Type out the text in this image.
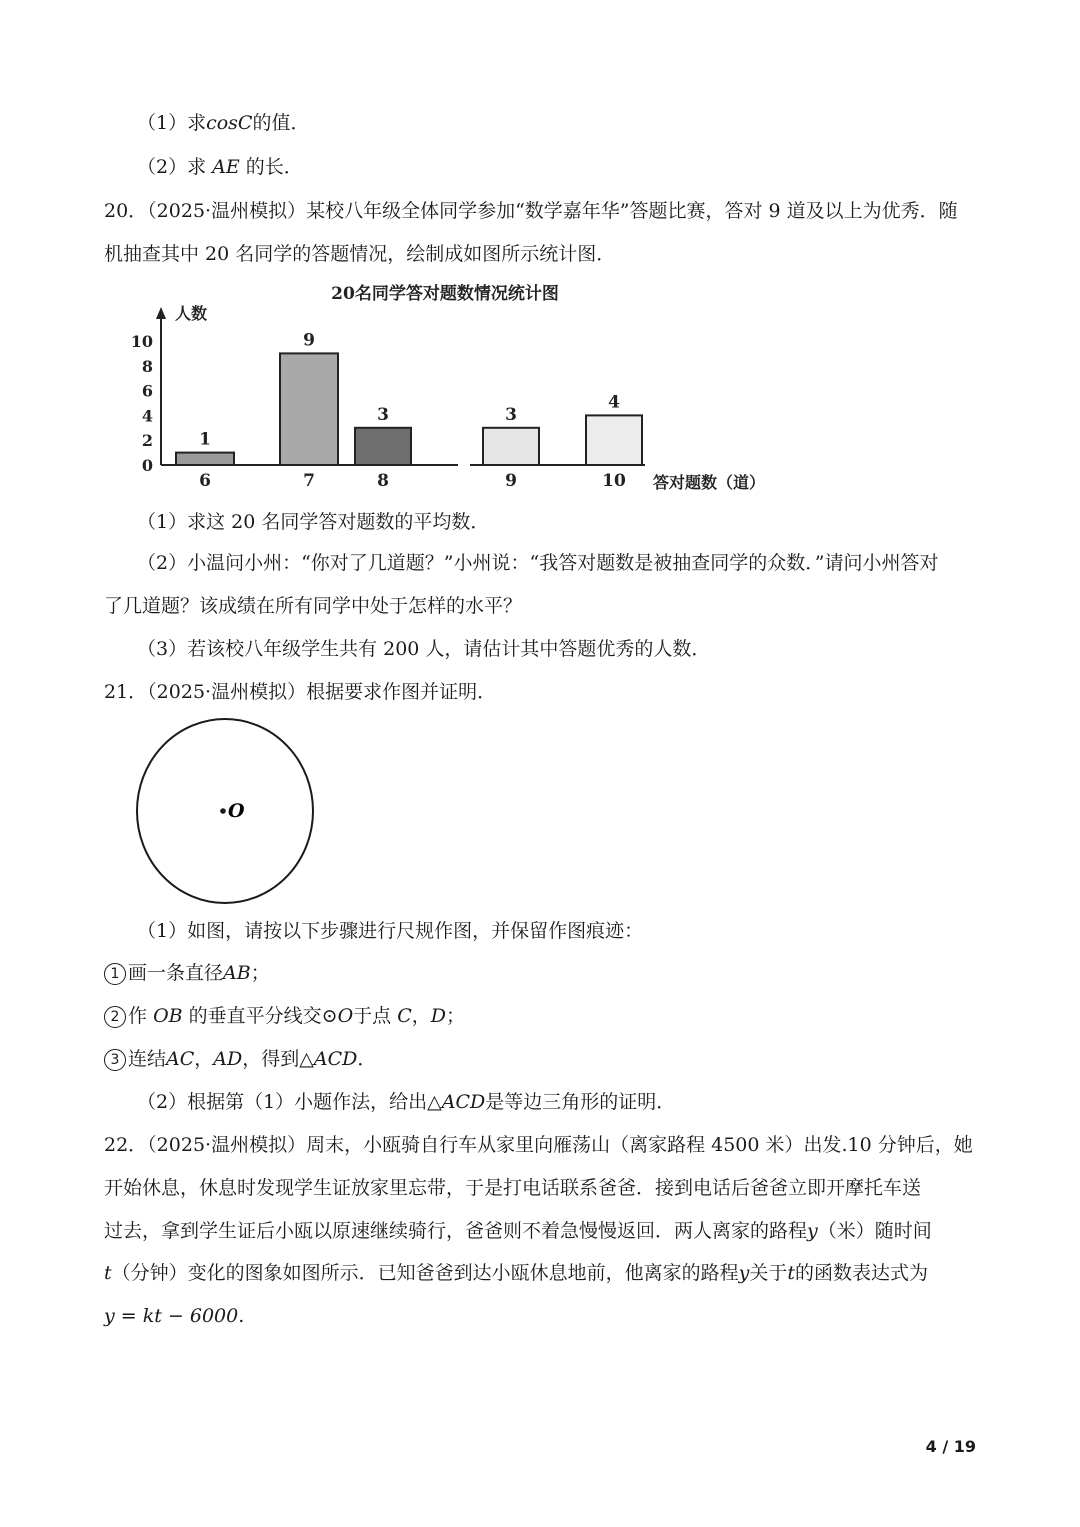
（1）求cosC的值．
（2）求 AE 的长．
20．（2025·温州模拟）某校八年级全体同学参加“数学嘉年华”答题比赛，答对 9 道及以上为优秀．随
机抽查其中 20 名同学的答题情况，绘制成如图所示统计图．
20名同学答对题数情况统计图
人数
答对题数（道）
0
2
4
6
8
10
1
6
9
7
3
8
3
9
4
10
（1）求这 20 名同学答对题数的平均数．
（2）小温问小州：“你对了几道题？”小州说：“我答对题数是被抽查同学的众数．”请问小州答对
了几道题？该成绩在所有同学中处于怎样的水平？
（3）若该校八年级学生共有 200 人，请估计其中答题优秀的人数．
21．（2025·温州模拟）根据要求作图并证明．
O
（1）如图，请按以下步骤进行尺规作图，并保留作图痕迹：
1 画一条直径AB；
2 作 OB 的垂直平分线交⊙O于点 C，D；
3 连结AC，AD，得到△ACD．
（2）根据第（1）小题作法，给出△ACD是等边三角形的证明．
22．（2025·温州模拟）周末，小瓯骑自行车从家里向雁荡山（离家路程 4500 米）出发.10 分钟后，她
开始休息，休息时发现学生证放家里忘带，于是打电话联系爸爸．接到电话后爸爸立即开摩托车送
过去，拿到学生证后小瓯以原速继续骑行，爸爸则不着急慢慢返回．两人离家的路程y（米）随时间
t（分钟）变化的图象如图所示．已知爸爸到达小瓯休息地前，他离家的路程y关于t的函数表达式为
y = kt − 6000.
4 / 19
